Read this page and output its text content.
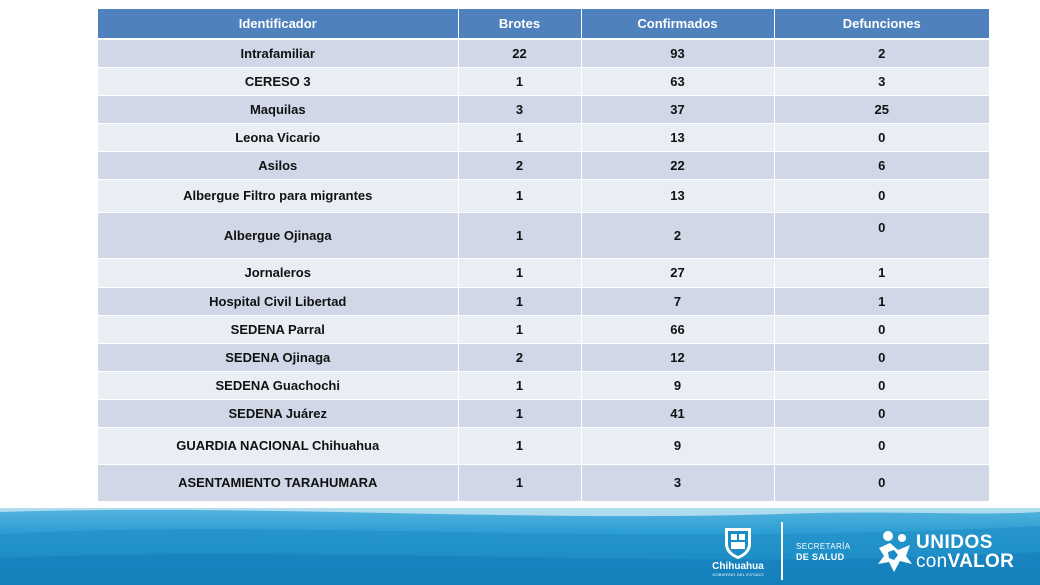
Identificador	Brotes	Confirmados	Defunciones
Intrafamiliar	22	93	2
CERESO 3	1	63	3
Maquilas	3	37	25
Leona Vicario	1	13	0
Asilos	2	22	6
Albergue Filtro para migrantes	1	13	0
Albergue Ojinaga	1	2	0
Jornaleros	1	27	1
Hospital Civil Libertad	1	7	1
SEDENA Parral	1	66	0
SEDENA Ojinaga	2	12	0
SEDENA Guachochi	1	9	0
SEDENA Juárez	1	41	0
GUARDIA NACIONAL Chihuahua	1	9	0
ASENTAMIENTO TARAHUMARA	1	3	0
Chihuahua
GOBIERNO DEL ESTADO
SECRETARÍA
DE SALUD
UNIDOS
conVALOR
